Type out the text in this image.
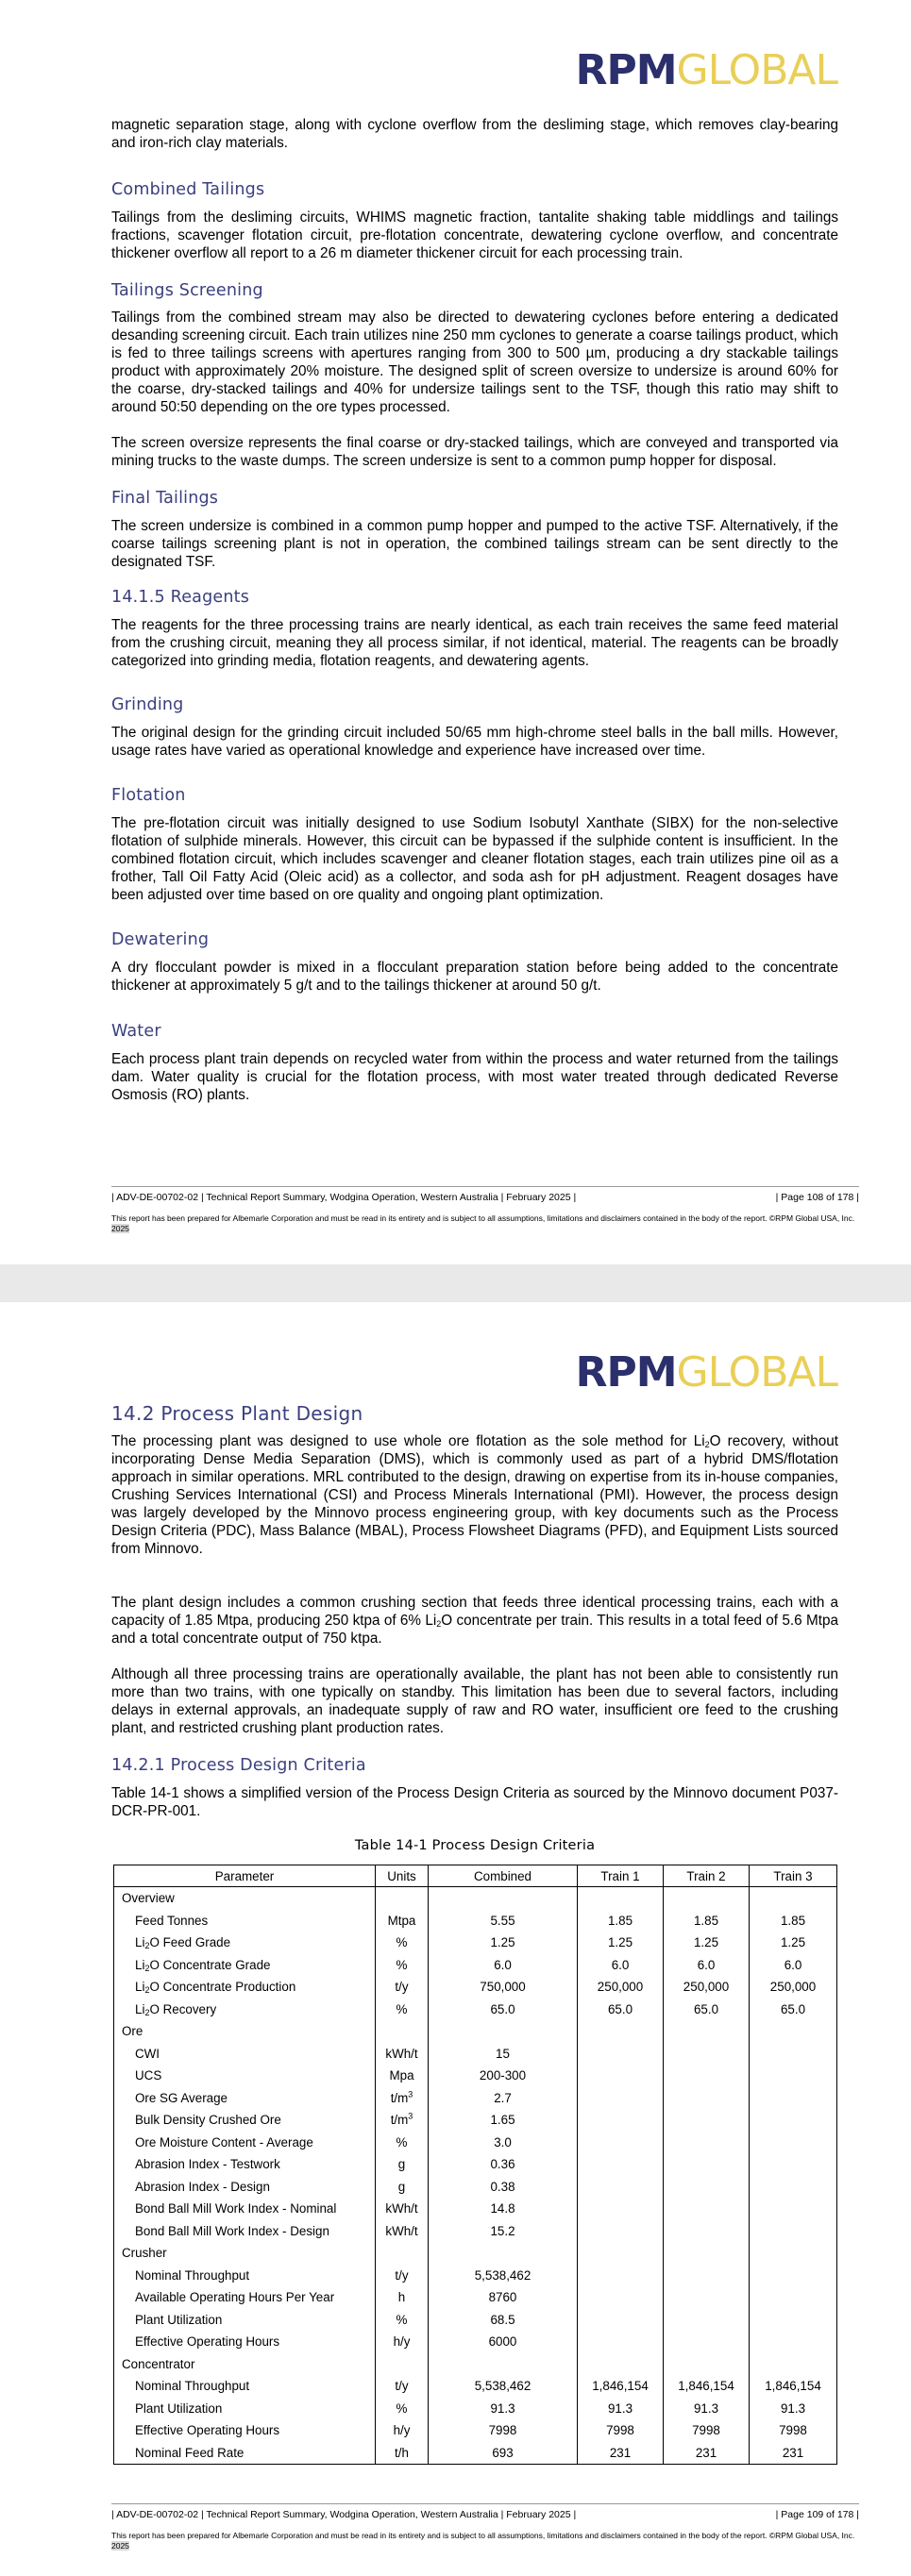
RPMGLOBAL

magnetic separation stage, along with cyclone overflow from the desliming stage, which removes clay-bearing and iron-rich clay materials.

Combined Tailings

Tailings from the desliming circuits, WHIMS magnetic fraction, tantalite shaking table middlings and tailings fractions, scavenger flotation circuit, pre-flotation concentrate, dewatering cyclone overflow, and concentrate thickener overflow all report to a 26 m diameter thickener circuit for each processing train.

Tailings Screening

Tailings from the combined stream may also be directed to dewatering cyclones before entering a dedicated desanding screening circuit. Each train utilizes nine 250 mm cyclones to generate a coarse tailings product, which is fed to three tailings screens with apertures ranging from 300 to 500 µm, producing a dry stackable tailings product with approximately 20% moisture. The designed split of screen oversize to undersize is around 60% for the coarse, dry-stacked tailings and 40% for undersize tailings sent to the TSF, though this ratio may shift to around 50:50 depending on the ore types processed.

The screen oversize represents the final coarse or dry-stacked tailings, which are conveyed and transported via mining trucks to the waste dumps. The screen undersize is sent to a common pump hopper for disposal.

Final Tailings

The screen undersize is combined in a common pump hopper and pumped to the active TSF. Alternatively, if the coarse tailings screening plant is not in operation, the combined tailings stream can be sent directly to the designated TSF.

14.1.5 Reagents

The reagents for the three processing trains are nearly identical, as each train receives the same feed material from the crushing circuit, meaning they all process similar, if not identical, material. The reagents can be broadly categorized into grinding media, flotation reagents, and dewatering agents.

Grinding

The original design for the grinding circuit included 50/65 mm high-chrome steel balls in the ball mills. However, usage rates have varied as operational knowledge and experience have increased over time.

Flotation

The pre-flotation circuit was initially designed to use Sodium Isobutyl Xanthate (SIBX) for the non-selective flotation of sulphide minerals. However, this circuit can be bypassed if the sulphide content is insufficient. In the combined flotation circuit, which includes scavenger and cleaner flotation stages, each train utilizes pine oil as a frother, Tall Oil Fatty Acid (Oleic acid) as a collector, and soda ash for pH adjustment. Reagent dosages have been adjusted over time based on ore quality and ongoing plant optimization.

Dewatering

A dry flocculant powder is mixed in a flocculant preparation station before being added to the concentrate thickener at approximately 5 g/t and to the tailings thickener at around 50 g/t.

Water

Each process plant train depends on recycled water from within the process and water returned from the tailings dam. Water quality is crucial for the flotation process, with most water treated through dedicated Reverse Osmosis (RO) plants.

| ADV-DE-00702-02 | Technical Report Summary, Wodgina Operation, Western Australia | February 2025 |	| Page 108 of 178 |
This report has been prepared for Albemarle Corporation and must be read in its entirety and is subject to all assumptions, limitations and disclaimers contained in the body of the report. ©RPM Global USA, Inc. 2025
RPMGLOBAL
14.2 Process Plant Design

The processing plant was designed to use whole ore flotation as the sole method for $Li_2O$ recovery, without incorporating Dense Media Separation (DMS), which is commonly used as part of a hybrid DMS/flotation approach in similar operations. MRL contributed to the design, drawing on expertise from its in-house companies, Crushing Services International (CSI) and Process Minerals International (PMI). However, the process design was largely developed by the Minnovo process engineering group, with key documents such as the Process Design Criteria (PDC), Mass Balance (MBAL), Process Flowsheet Diagrams (PFD), and Equipment Lists sourced from Minnovo.

The plant design includes a common crushing section that feeds three identical processing trains, each with a capacity of 1.85 Mtpa, producing 250 ktpa of 6% $Li_2O$ concentrate per train. This results in a total feed of 5.6 Mtpa and a total concentrate output of 750 ktpa.

Although all three processing trains are operationally available, the plant has not been able to consistently run more than two trains, with one typically on standby. This limitation has been due to several factors, including delays in external approvals, an inadequate supply of raw and RO water, insufficient ore feed to the crushing plant, and restricted crushing plant production rates.

14.2.1 Process Design Criteria

Table 14-1 shows a simplified version of the Process Design Criteria as sourced by the Minnovo document P037-DCR-PR-001.

Table 14-1 Process Design Criteria
Parameter	Units	Combined	Train 1	Train 2	Train 3
Overview					
Feed Tonnes	Mtpa	5.55	1.85	1.85	1.85
$Li_2O$ Feed Grade	%	1.25	1.25	1.25	1.25
$Li_2O$ Concentrate Grade	%	6.0	6.0	6.0	6.0
$Li_2O$ Concentrate Production	t/y	750,000	250,000	250,000	250,000
$Li_2O$ Recovery	%	65.0	65.0	65.0	65.0
Ore					
CWI	kWh/t	15			
UCS	Mpa	200-300			
Ore SG Average	$t/m^3$	2.7			
Bulk Density Crushed Ore	$t/m^3$	1.65			
Ore Moisture Content - Average	%	3.0			
Abrasion Index - Testwork	g	0.36			
Abrasion Index - Design	g	0.38			
Bond Ball Mill Work Index - Nominal	kWh/t	14.8			
Bond Ball Mill Work Index - Design	kWh/t	15.2			
Crusher					
Nominal Throughput	t/y	5,538,462			
Available Operating Hours Per Year	h	8760			
Plant Utilization	%	68.5			
Effective Operating Hours	h/y	6000			
Concentrator					
Nominal Throughput	t/y	5,538,462	1,846,154	1,846,154	1,846,154
Plant Utilization	%	91.3	91.3	91.3	91.3
Effective Operating Hours	h/y	7998	7998	7998	7998
Nominal Feed Rate	t/h	693	231	231	231
| ADV-DE-00702-02 | Technical Report Summary, Wodgina Operation, Western Australia | February 2025 |	| Page 109 of 178 |
This report has been prepared for Albemarle Corporation and must be read in its entirety and is subject to all assumptions, limitations and disclaimers contained in the body of the report. ©RPM Global USA, Inc. 2025
